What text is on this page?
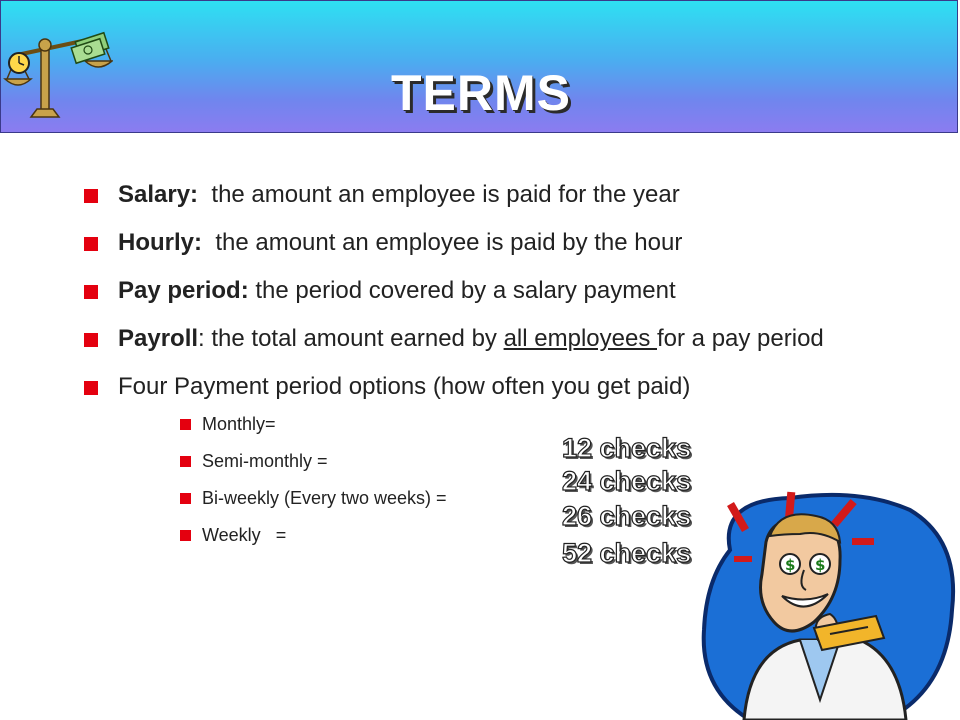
TERMS
Salary:  the amount an employee is paid for the year
Hourly:  the amount an employee is paid by the hour
Pay period: the period covered by a salary payment
Payroll: the total amount earned by all employees for a pay period
Four Payment period options (how often you get paid)
Monthly=
Semi-monthly =
Bi-weekly (Every two weeks) =
Weekly   =

12 checks

24 checks

26 checks

52 checks	$ $
